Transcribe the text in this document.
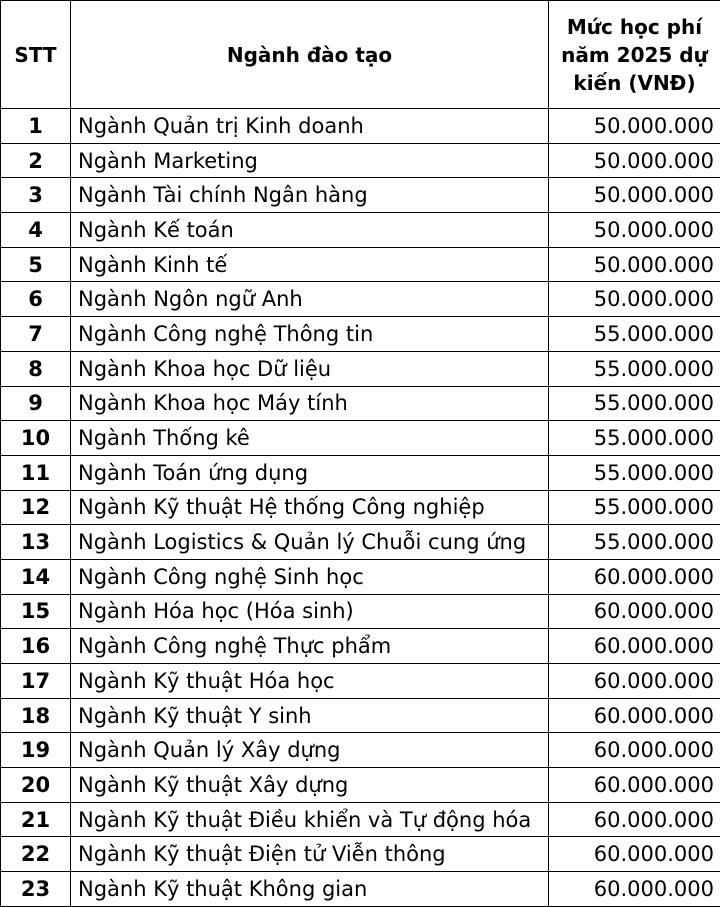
STT	Ngành đào tạo	Mức học phí năm 2025 dự kiến (VNĐ)
1	Ngành Quản trị Kinh doanh	50.000.000
2	Ngành Marketing	50.000.000
3	Ngành Tài chính Ngân hàng	50.000.000
4	Ngành Kế toán	50.000.000
5	Ngành Kinh tế	50.000.000
6	Ngành Ngôn ngữ Anh	50.000.000
7	Ngành Công nghệ Thông tin	55.000.000
8	Ngành Khoa học Dữ liệu	55.000.000
9	Ngành Khoa học Máy tính	55.000.000
10	Ngành Thống kê	55.000.000
11	Ngành Toán ứng dụng	55.000.000
12	Ngành Kỹ thuật Hệ thống Công nghiệp	55.000.000
13	Ngành Logistics & Quản lý Chuỗi cung ứng	55.000.000
14	Ngành Công nghệ Sinh học	60.000.000
15	Ngành Hóa học (Hóa sinh)	60.000.000
16	Ngành Công nghệ Thực phẩm	60.000.000
17	Ngành Kỹ thuật Hóa học	60.000.000
18	Ngành Kỹ thuật Y sinh	60.000.000
19	Ngành Quản lý Xây dựng	60.000.000
20	Ngành Kỹ thuật Xây dựng	60.000.000
21	Ngành Kỹ thuật Điều khiển và Tự động hóa	60.000.000
22	Ngành Kỹ thuật Điện tử Viễn thông	60.000.000
23	Ngành Kỹ thuật Không gian	60.000.000
